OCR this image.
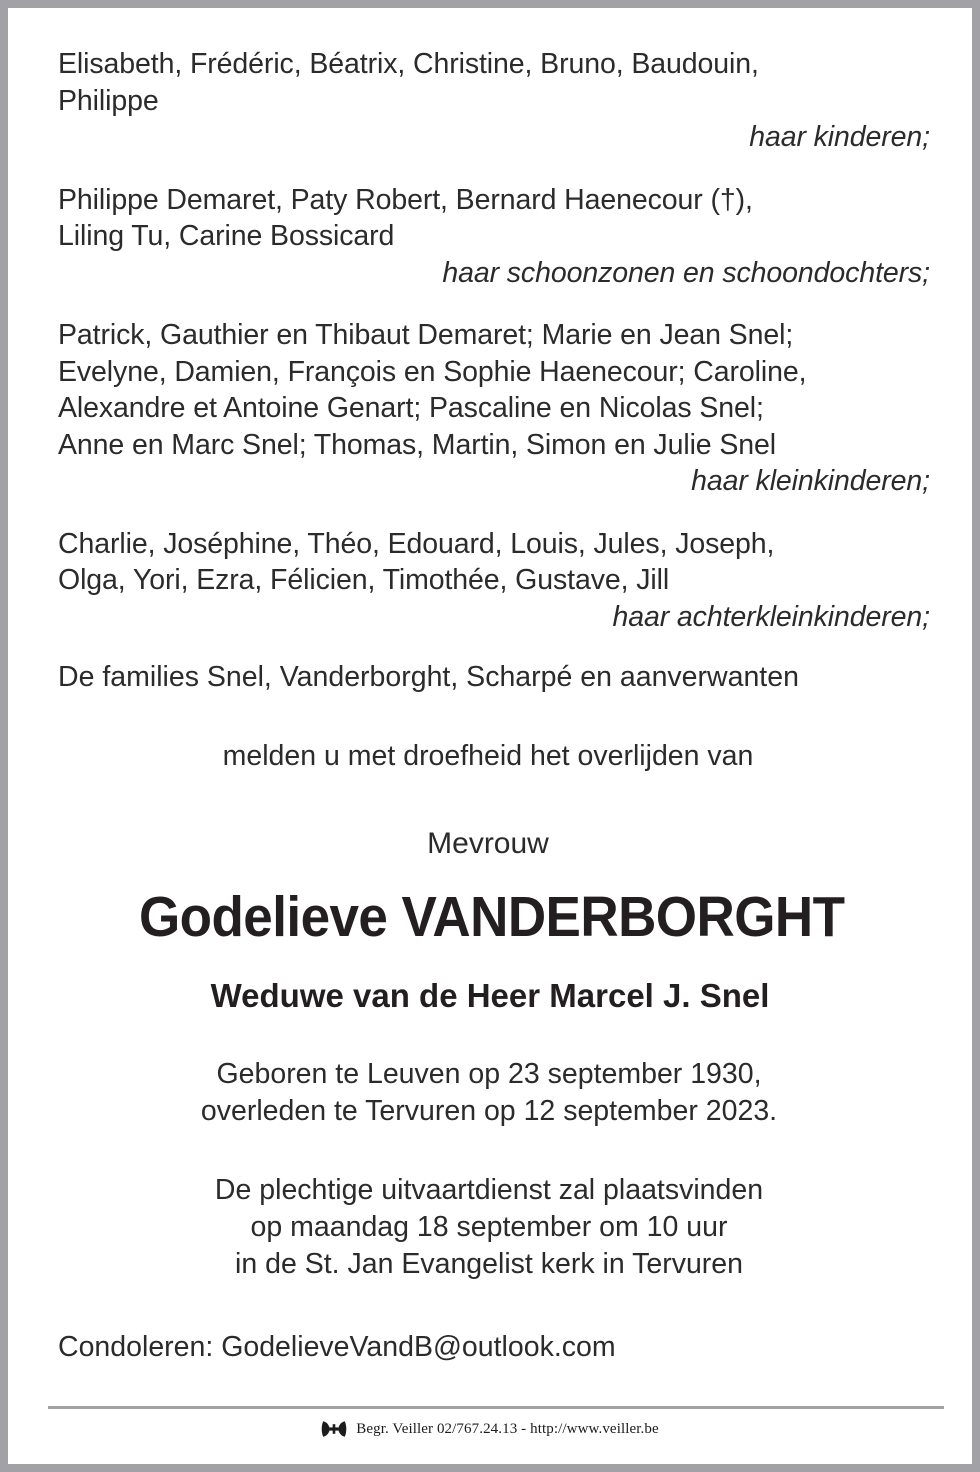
Elisabeth, Frédéric, Béatrix, Christine, Bruno, Baudouin,
Philippe
haar kinderen;
Philippe Demaret, Paty Robert, Bernard Haenecour (†),
Liling Tu, Carine Bossicard
haar schoonzonen en schoondochters;
Patrick, Gauthier en Thibaut Demaret; Marie en Jean Snel;
Evelyne, Damien, François en Sophie Haenecour; Caroline,
Alexandre et Antoine Genart; Pascaline en Nicolas Snel;
Anne en Marc Snel; Thomas, Martin, Simon en Julie Snel
haar kleinkinderen;
Charlie, Joséphine, Théo, Edouard, Louis, Jules, Joseph,
Olga, Yori, Ezra, Félicien, Timothée, Gustave, Jill
haar achterkleinkinderen;
De families Snel, Vanderborght, Scharpé en aanverwanten
melden u met droefheid het overlijden van
Mevrouw
Godelieve VANDERBORGHT
Weduwe van de Heer Marcel J. Snel
Geboren te Leuven op 23 september 1930,
overleden te Tervuren op 12 september 2023.
De plechtige uitvaartdienst zal plaatsvinden
op maandag 18 september om 10 uur
in de St. Jan Evangelist kerk in Tervuren
Condoleren: GodelieveVandB@outlook.com
Begr. Veiller 02/767.24.13 - http://www.veiller.be
